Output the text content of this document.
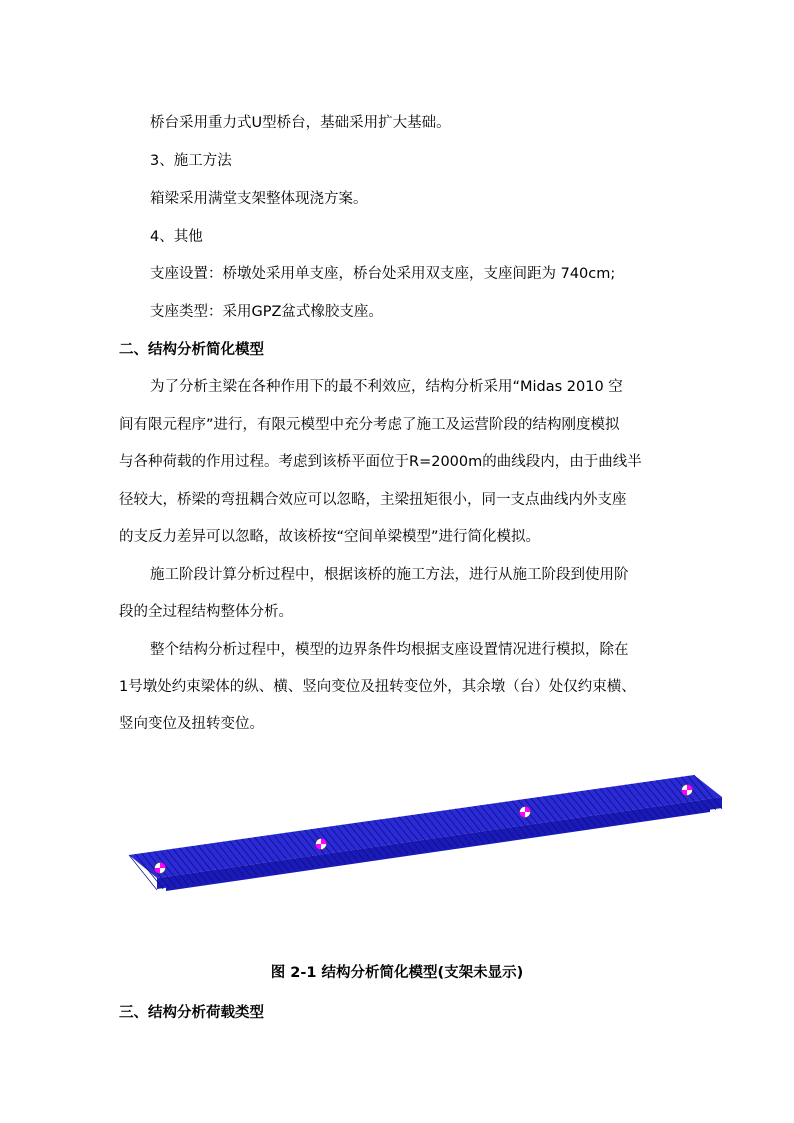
桥台采用重力式U型桥台，基础采用扩大基础。
3、施工方法
箱梁采用满堂支架整体现浇方案。
4、其他
支座设置：桥墩处采用单支座，桥台处采用双支座，支座间距为 740cm;
支座类型：采用GPZ盆式橡胶支座。
二、结构分析简化模型
为了分析主梁在各种作用下的最不利效应，结构分析采用“Midas 2010 空
间有限元程序”进行，有限元模型中充分考虑了施工及运营阶段的结构刚度模拟
与各种荷载的作用过程。考虑到该桥平面位于R=2000m的曲线段内，由于曲线半
径较大，桥梁的弯扭耦合效应可以忽略，主梁扭矩很小，同一支点曲线内外支座
的支反力差异可以忽略，故该桥按“空间单梁模型”进行简化模拟。
施工阶段计算分析过程中，根据该桥的施工方法，进行从施工阶段到使用阶
段的全过程结构整体分析。
整个结构分析过程中，模型的边界条件均根据支座设置情况进行模拟，除在
1号墩处约束梁体的纵、横、竖向变位及扭转变位外，其余墩（台）处仅约束横、
竖向变位及扭转变位。
图 2-1 结构分析简化模型(支架未显示)
三、结构分析荷载类型
